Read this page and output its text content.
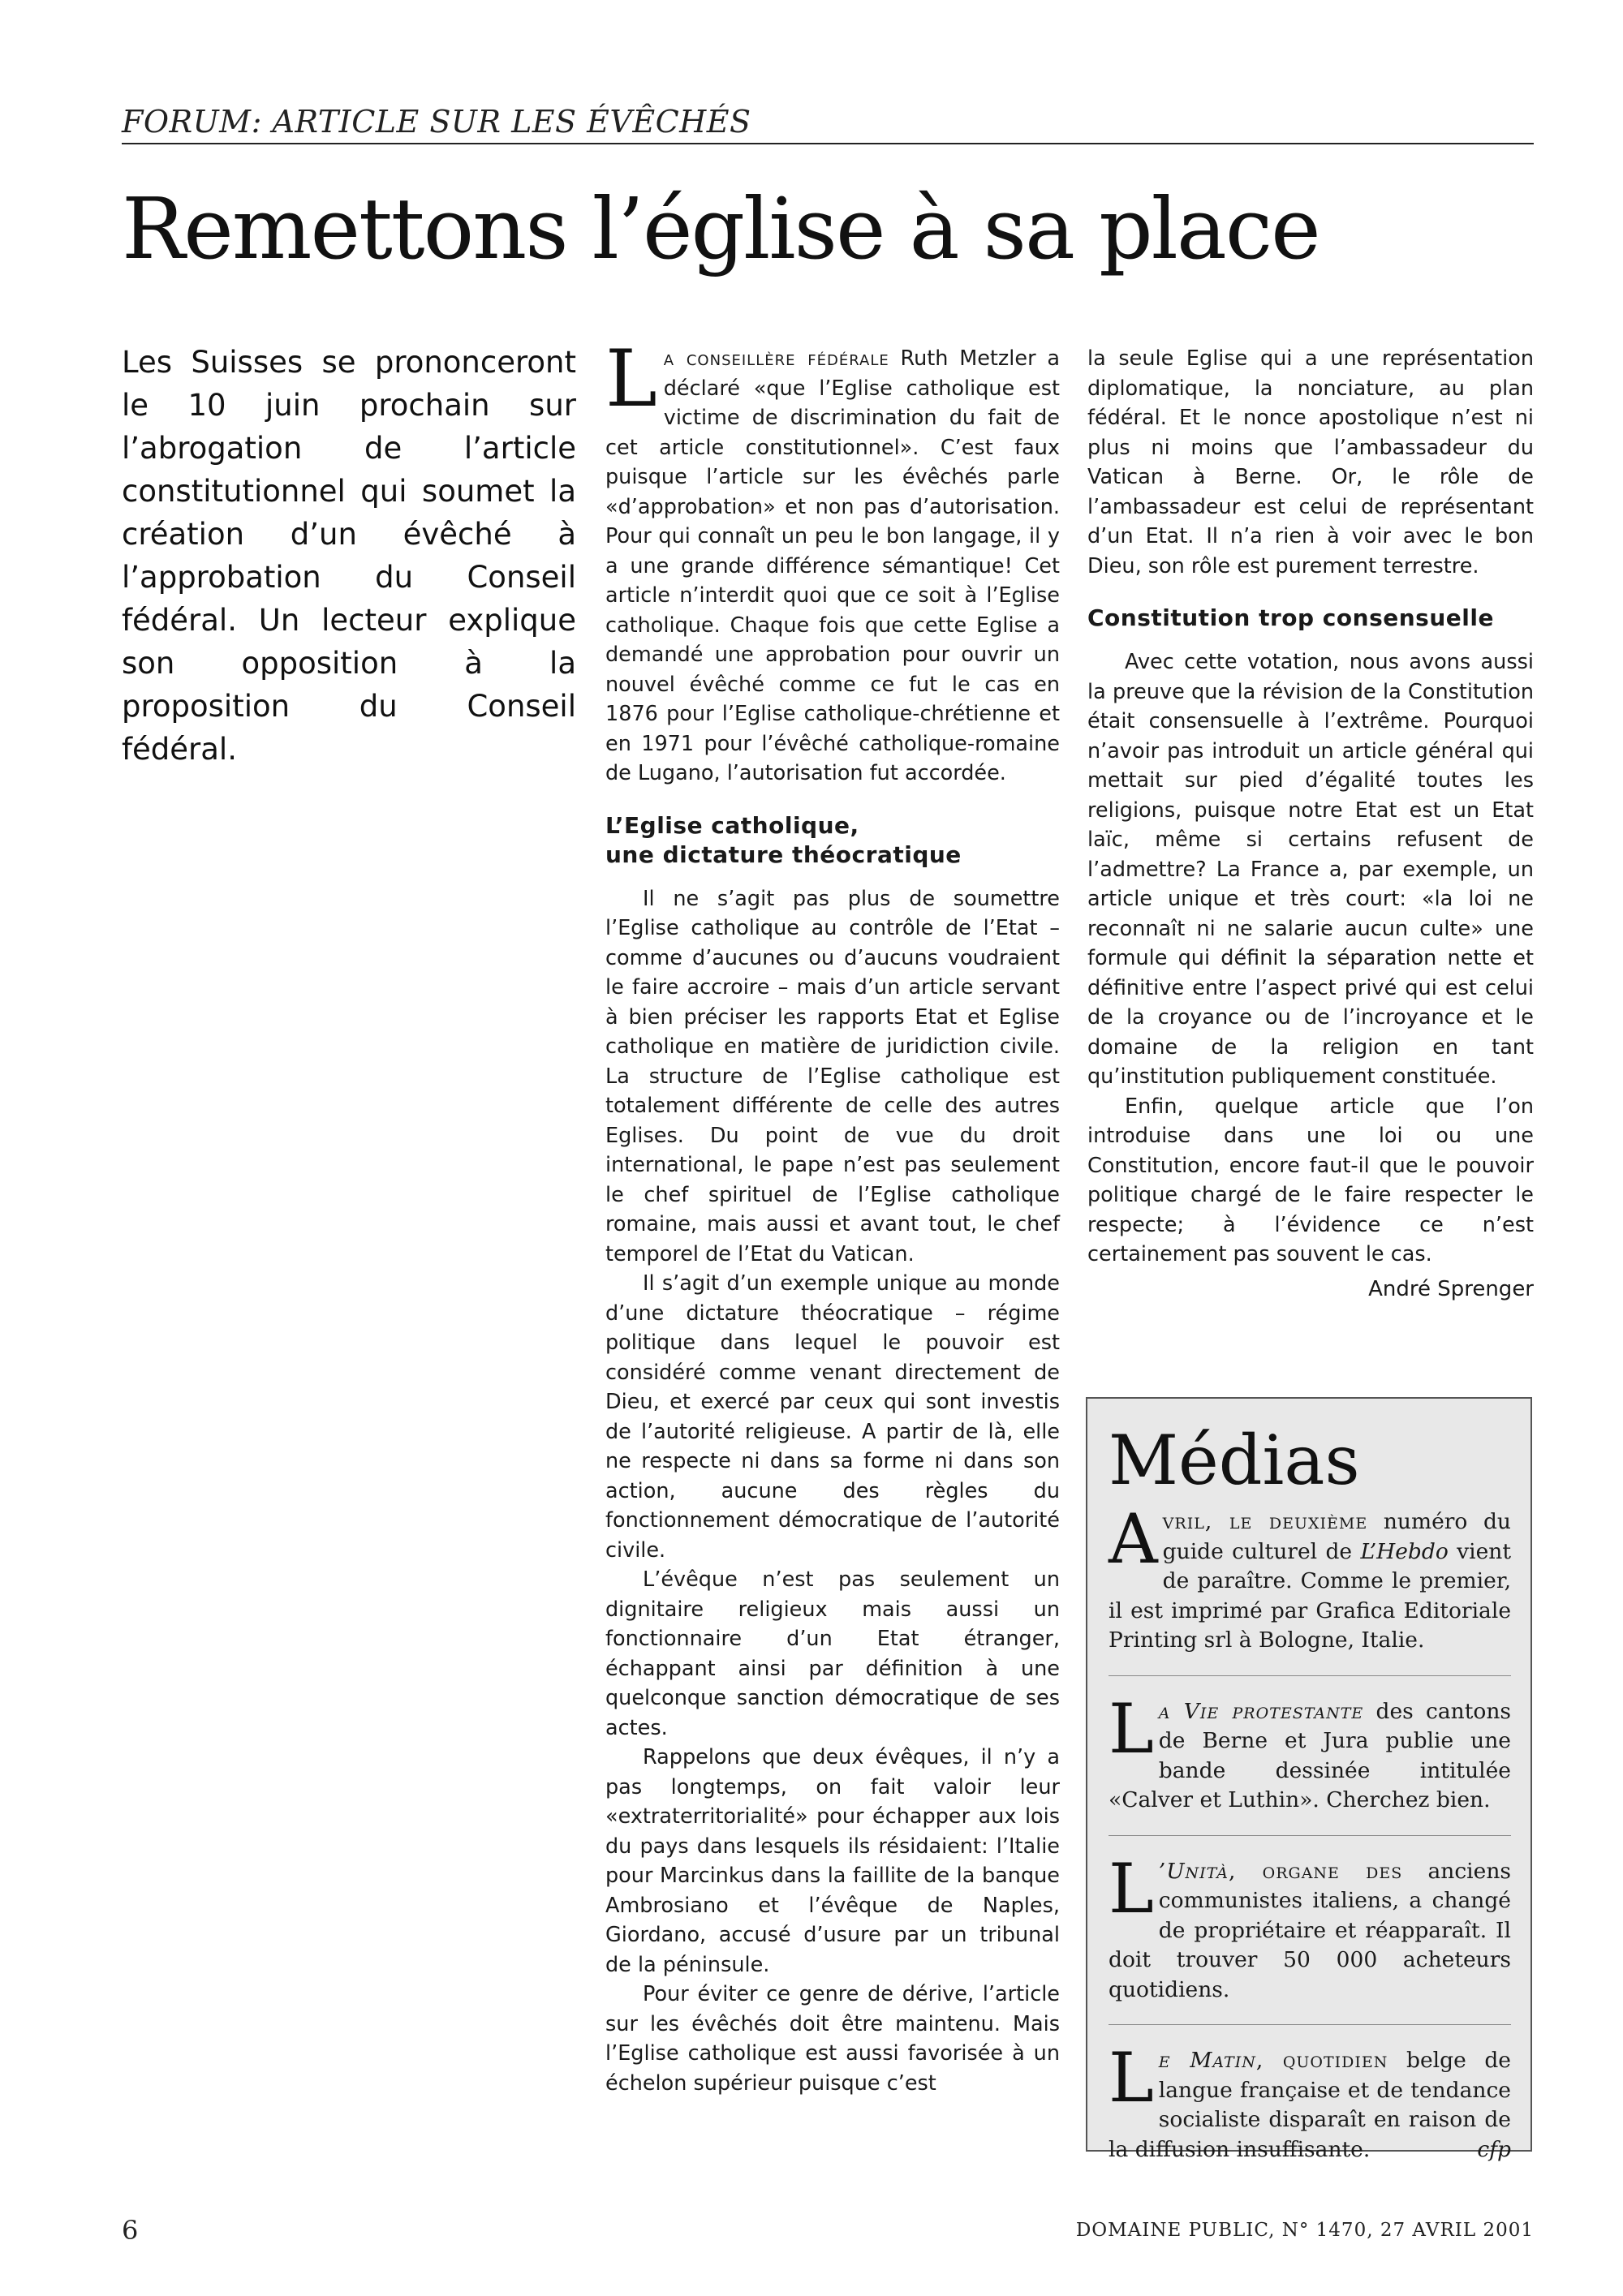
FORUM: ARTICLE SUR LES ÉVÊCHÉS
Remettons l’église à sa place
Les Suisses se prononceront le 10 juin prochain sur l’abrogation de l’article constitutionnel qui soumet la création d’un évêché à l’approbation du Conseil fédéral. Un lecteur explique son opposition à la proposition du Conseil fédéral.

La conseillère fédérale Ruth Metzler a déclaré «que l’Eglise catholique est victime de discrimination du fait de cet article constitutionnel». C’est faux puisque l’article sur les évêchés parle «d’approbation» et non pas d’autorisation. Pour qui connaît un peu le bon langage, il y a une grande différence sémantique! Cet article n’interdit quoi que ce soit à l’Eglise catholique. Chaque fois que cette Eglise a demandé une approbation pour ouvrir un nouvel évêché comme ce fut le cas en 1876 pour l’Eglise catholique-chrétienne et en 1971 pour l’évêché catholique-romaine de Lugano, l’autorisation fut accordée.

L’Eglise catholique,
une dictature théocratique

Il ne s’agit pas plus de soumettre l’Eglise catholique au contrôle de l’Etat – comme d’aucunes ou d’aucuns voudraient le faire accroire – mais d’un article servant à bien préciser les rapports Etat et Eglise catholique en matière de juridiction civile. La structure de l’Eglise catholique est totalement différente de celle des autres Eglises. Du point de vue du droit international, le pape n’est pas seulement le chef spirituel de l’Eglise catholique romaine, mais aussi et avant tout, le chef temporel de l’Etat du Vatican.

Il s’agit d’un exemple unique au monde d’une dictature théocratique – régime politique dans lequel le pouvoir est considéré comme venant directement de Dieu, et exercé par ceux qui sont investis de l’autorité religieuse. A partir de là, elle ne respecte ni dans sa forme ni dans son action, aucune des règles du fonctionnement démocratique de l’autorité civile.

L’évêque n’est pas seulement un dignitaire religieux mais aussi un fonctionnaire d’un Etat étranger, échappant ainsi par définition à une quelconque sanction démocratique de ses actes.

Rappelons que deux évêques, il n’y a pas longtemps, on fait valoir leur «extraterritorialité» pour échapper aux lois du pays dans lesquels ils résidaient: l’Italie pour Marcinkus dans la faillite de la banque Ambrosiano et l’évêque de Naples, Giordano, accusé d’usure par un tribunal de la péninsule.

Pour éviter ce genre de dérive, l’article sur les évêchés doit être maintenu. Mais l’Eglise catholique est aussi favorisée à un échelon supérieur puisque c’est

la seule Eglise qui a une représentation diplomatique, la nonciature, au plan fédéral. Et le nonce apostolique n’est ni plus ni moins que l’ambassadeur du Vatican à Berne. Or, le rôle de l’ambassadeur est celui de représentant d’un Etat. Il n’a rien à voir avec le bon Dieu, son rôle est purement terrestre.

Constitution trop consensuelle

Avec cette votation, nous avons aussi la preuve que la révision de la Constitution était consensuelle à l’extrême. Pourquoi n’avoir pas introduit un article général qui mettait sur pied d’égalité toutes les religions, puisque notre Etat est un Etat laïc, même si certains refusent de l’admettre? La France a, par exemple, un article unique et très court: «la loi ne reconnaît ni ne salarie aucun culte» une formule qui définit la séparation nette et définitive entre l’aspect privé qui est celui de la croyance ou de l’incroyance et le domaine de la religion en tant qu’institution publiquement constituée.

Enfin, quelque article que l’on introduise dans une loi ou une Constitution, encore faut-il que le pouvoir politique chargé de le faire respecter le respecte; à l’évidence ce n’est certainement pas souvent le cas.

André Sprenger
Médias

Avril, le deuxième numéro du guide culturel de L’Hebdo vient de paraître. Comme le premier, il est imprimé par Grafica Editoriale Printing srl à Bologne, Italie.

La Vie protestante des cantons de Berne et Jura publie une bande dessinée intitulée «Calver et Luthin». Cherchez bien.

L ’Unità, organe des anciens communistes italiens, a changé de propriétaire et réapparaît. Il doit trouver 50 000 acheteurs quotidiens.

Le Matin, quotidien belge de langue française et de tendance socialiste disparaît en raison de la diffusion insuffisante.	cfp

6	DOMAINE PUBLIC, N° 1470, 27 AVRIL 2001
